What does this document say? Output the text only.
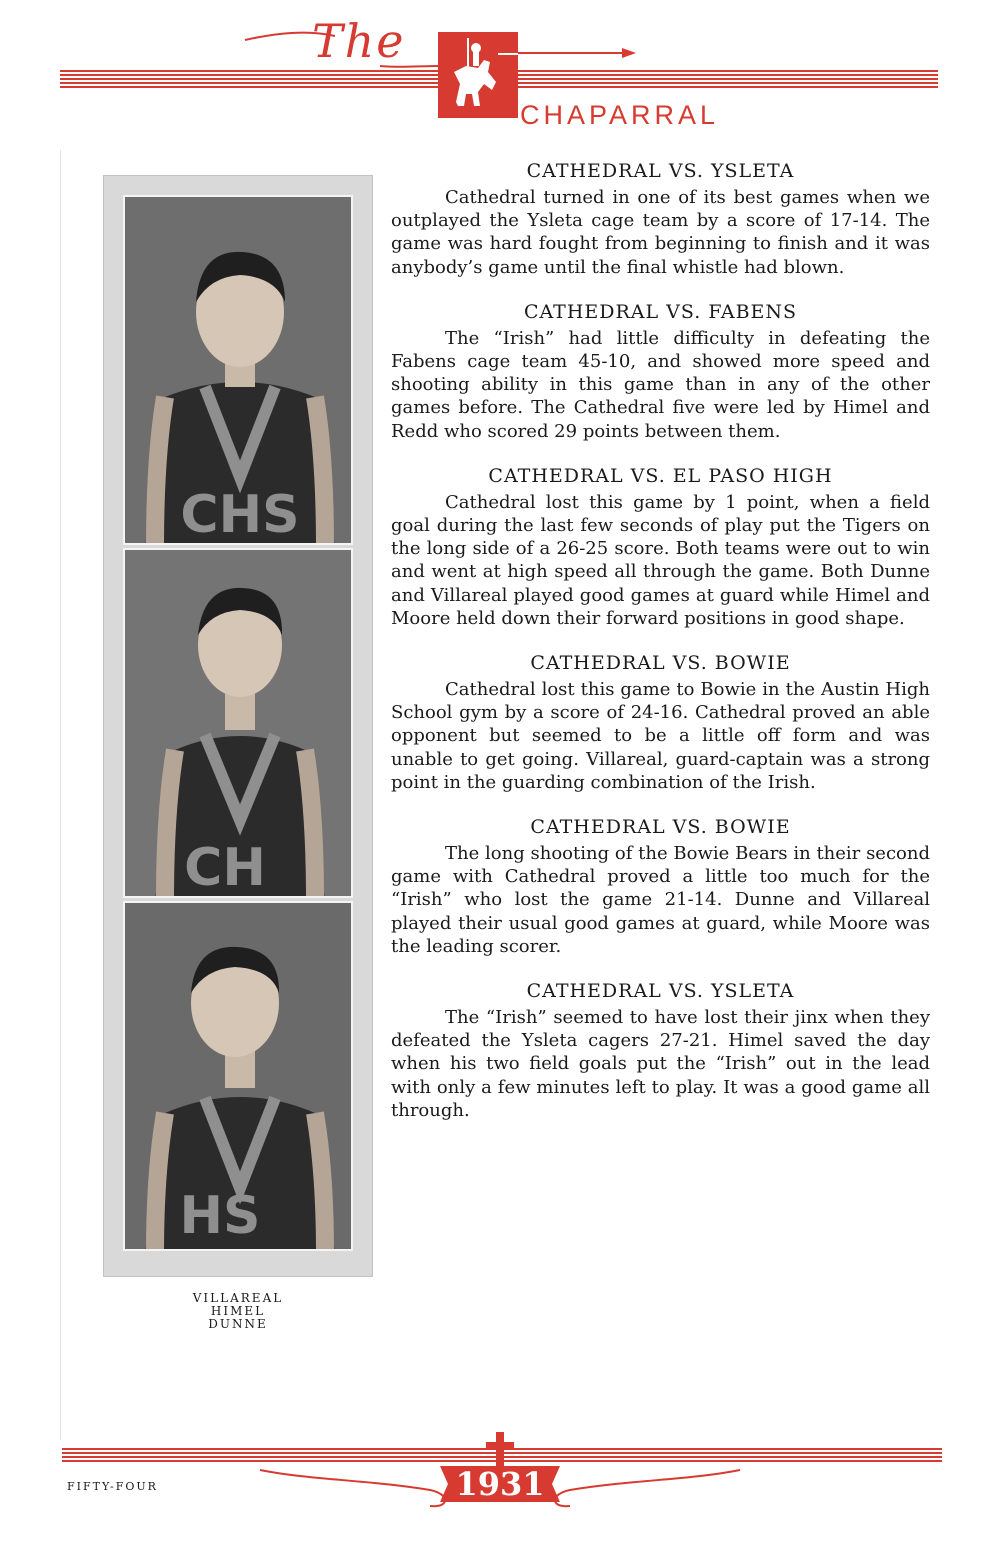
The
CHAPARRAL
CHS
CH
HS
VILLAREAL
HIMEL
DUNNE
CATHEDRAL VS. YSLETA

Cathedral turned in one of its best games when we outplayed the Ysleta cage team by a score of 17-14. The game was hard fought from beginning to finish and it was anybody’s game until the final whistle had blown.

CATHEDRAL VS. FABENS

The “Irish” had little difficulty in defeating the Fabens cage team 45-10, and showed more speed and shooting ability in this game than in any of the other games before. The Cathedral five were led by Himel and Redd who scored 29 points between them.

CATHEDRAL VS. EL PASO HIGH

Cathedral lost this game by 1 point, when a field goal during the last few seconds of play put the Tigers on the long side of a 26-25 score. Both teams were out to win and went at high speed all through the game. Both Dunne and Villareal played good games at guard while Himel and Moore held down their forward positions in good shape.

CATHEDRAL VS. BOWIE

Cathedral lost this game to Bowie in the Austin High School gym by a score of 24-16. Cathedral proved an able opponent but seemed to be a little off form and was unable to get going. Villareal, guard-captain was a strong point in the guarding combination of the Irish.

CATHEDRAL VS. BOWIE

The long shooting of the Bowie Bears in their second game with Cathedral proved a little too much for the “Irish” who lost the game 21-14. Dunne and Villareal played their usual good games at guard, while Moore was the leading scorer.

CATHEDRAL VS. YSLETA

The “Irish” seemed to have lost their jinx when they defeated the Ysleta cagers 27-21. Himel saved the day when his two field goals put the “Irish” out in the lead with only a few minutes left to play. It was a good game all through.

1931
FIFTY-FOUR
